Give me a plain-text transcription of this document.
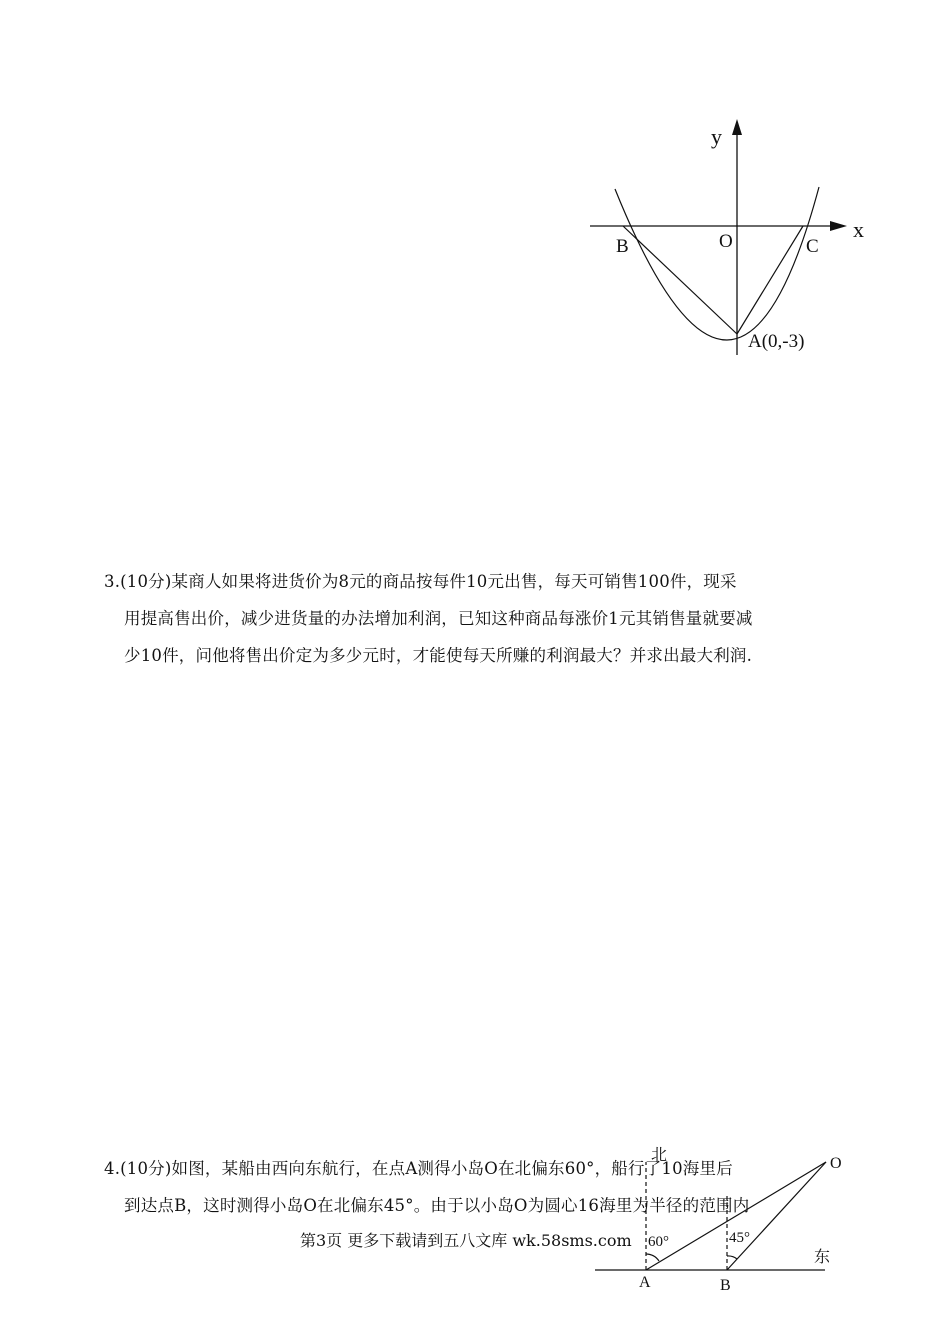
y
x
O
B	C
A(0,-3)
3.(10分)某商人如果将进货价为8元的商品按每件10元出售，每天可销售100件，现采
用提高售出价，减少进货量的办法增加利润，已知这种商品每涨价1元其销售量就要减
少10件，问他将售出价定为多少元时，才能使每天所赚的利润最大？并求出最大利润.
4.(10分)如图，某船由西向东航行，在点A测得小岛O在北偏东60°，船行了10海里后
到达点B，这时测得小岛O在北偏东45°。由于以小岛O为圆心16海里为半径的范围内
北	O
60°	45°
东
A	B
第3页 更多下载请到五八文库 wk.58sms.com
